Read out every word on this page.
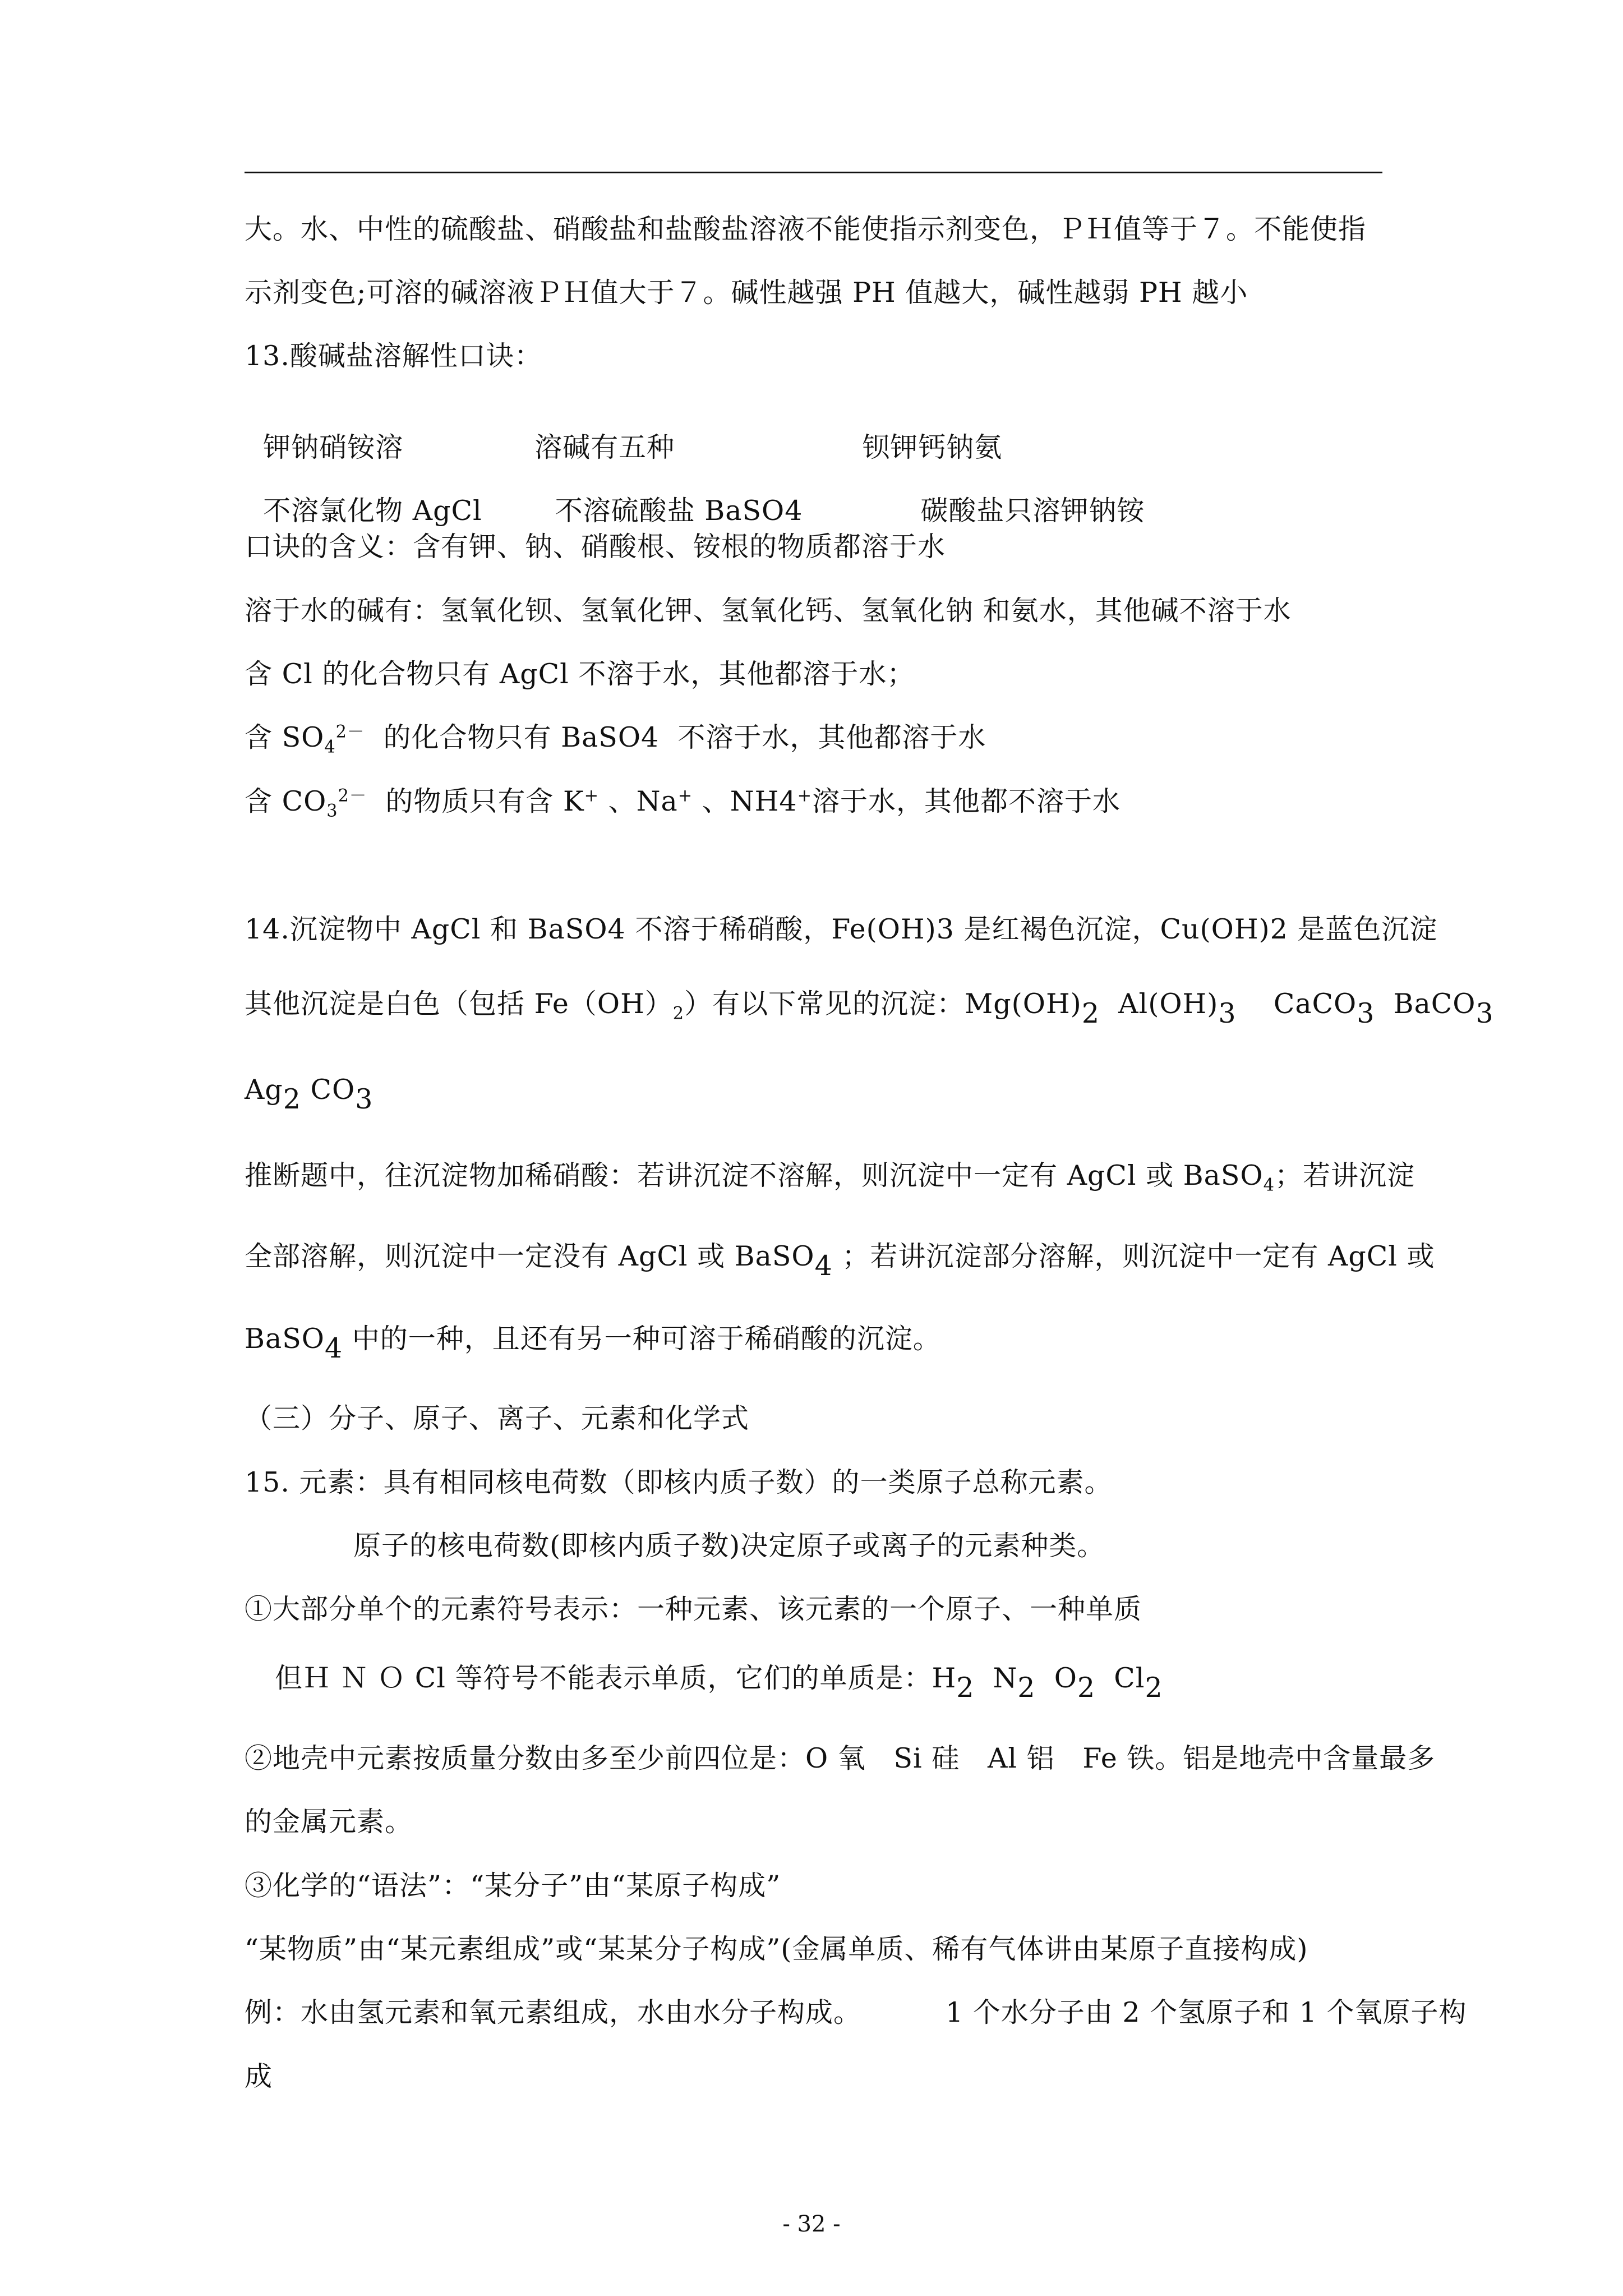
大。水、中性的硫酸盐、硝酸盐和盐酸盐溶液不能使指示剂变色，ＰＨ值等于７。不能使指
示剂变色;可溶的碱溶液ＰＨ值大于７。碱性越强 PH 值越大，碱性越弱 PH 越小
13.酸碱盐溶解性口诀：

钾钠硝铵溶	溶碱有五种	钡钾钙钠氨

不溶氯化物 AgCl	不溶硫酸盐 BaSO4	碳酸盐只溶钾钠铵

口诀的含义：含有钾、钠、硝酸根、铵根的物质都溶于水
溶于水的碱有：氢氧化钡、氢氧化钾、氢氧化钙、氢氧化钠 和氨水，其他碱不溶于水
含 Cl 的化合物只有 AgCl 不溶于水，其他都溶于水；
含 $SO_4^{2-}$  的化合物只有 BaSO4  不溶于水，其他都溶于水
含 $CO_3^{2-}$  的物质只有含 K+ 、Na+ 、NH4+溶于水，其他都不溶于水
14.沉淀物中 AgCl 和 BaSO4 不溶于稀硝酸，Fe(OH)3 是红褐色沉淀，Cu(OH)2 是蓝色沉淀
其他沉淀是白色（包括 $Fe(OH)_2$）有以下常见的沉淀：$Mg(OH)_2$  $Al(OH)_3$    CaCO$_3$  BaCO$_3$
$Ag_2$ $CO_3$
推断题中，往沉淀物加稀硝酸：若讲沉淀不溶解，则沉淀中一定有 AgCl 或 BaSO$_4$；若讲沉淀
全部溶解，则沉淀中一定没有 AgCl 或 BaSO$_4$ ；若讲沉淀部分溶解，则沉淀中一定有 AgCl 或
BaSO$_4$ 中的一种，且还有另一种可溶于稀硝酸的沉淀。
（三）分子、原子、离子、元素和化学式
15. 元素：具有相同核电荷数（即核内质子数）的一类原子总称元素。
原子的核电荷数(即核内质子数)决定原子或离子的元素种类。
①大部分单个的元素符号表示：一种元素、该元素的一个原子、一种单质
但Ｈ Ｎ Ｏ Cl 等符号不能表示单质，它们的单质是：$H_2$  $N_2$  $O_2$  $Cl_2$
②地壳中元素按质量分数由多至少前四位是：O 氧   Si 硅   Al 铝   Fe 铁。铝是地壳中含量最多
的金属元素。
③化学的“语法”：“某分子”由“某原子构成”
“某物质”由“某元素组成”或“某某分子构成”(金属单质、稀有气体讲由某原子直接构成)
例：水由氢元素和氧元素组成，水由水分子构成。	1 个水分子由 2 个氢原子和 1 个氧原子构
成
- 32 -
